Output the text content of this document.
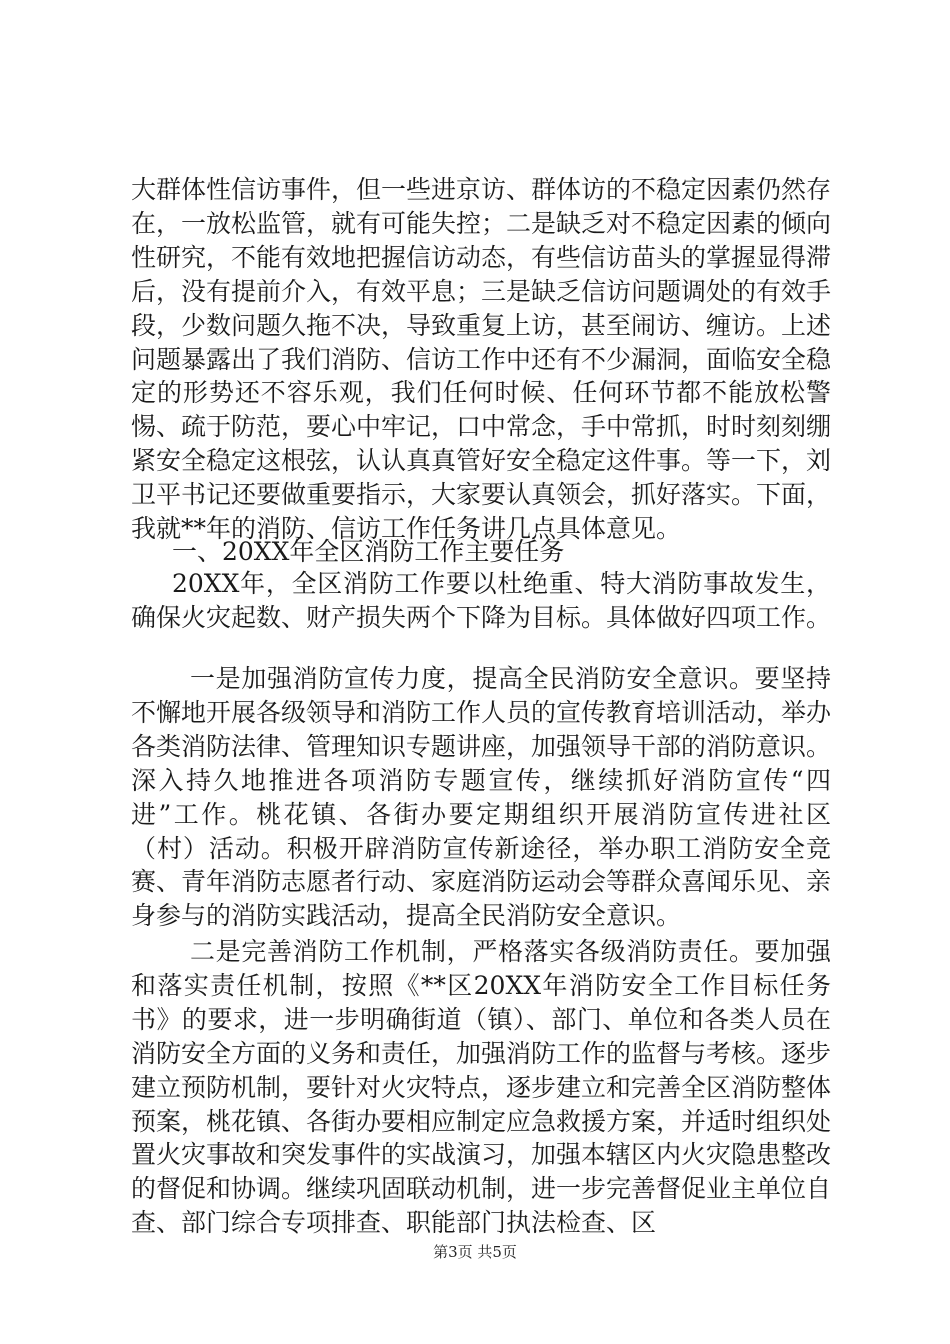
大群体性信访事件，但一些进京访、群体访的不稳定因素仍然存在，一放松监管，就有可能失控；二是缺乏对不稳定因素的倾向性研究，不能有效地把握信访动态，有些信访苗头的掌握显得滞后，没有提前介入，有效平息；三是缺乏信访问题调处的有效手段，少数问题久拖不决，导致重复上访，甚至闹访、缠访。上述问题暴露出了我们消防、信访工作中还有不少漏洞，面临安全稳定的形势还不容乐观，我们任何时候、任何环节都不能放松警惕、疏于防范，要心中牢记，口中常念，手中常抓，时时刻刻绷紧安全稳定这根弦，认认真真管好安全稳定这件事。等一下，刘卫平书记还要做重要指示，大家要认真领会，抓好落实。下面，我就**年的消防、信访工作任务讲几点具体意见。
一、20XX年全区消防工作主要任务
20XX年，全区消防工作要以杜绝重、特大消防事故发生，确保火灾起数、财产损失两个下降为目标。具体做好四项工作。
一是加强消防宣传力度，提高全民消防安全意识。要坚持不懈地开展各级领导和消防工作人员的宣传教育培训活动，举办各类消防法律、管理知识专题讲座，加强领导干部的消防意识。深入持久地推进各项消防专题宣传，继续抓好消防宣传“四进”工作。桃花镇、各街办要定期组织开展消防宣传进社区（村）活动。积极开辟消防宣传新途径，举办职工消防安全竞赛、青年消防志愿者行动、家庭消防运动会等群众喜闻乐见、亲身参与的消防实践活动，提高全民消防安全意识。
二是完善消防工作机制，严格落实各级消防责任。要加强和落实责任机制，按照《**区20XX年消防安全工作目标任务书》的要求，进一步明确街道（镇）、部门、单位和各类人员在消防安全方面的义务和责任，加强消防工作的监督与考核。逐步建立预防机制，要针对火灾特点，逐步建立和完善全区消防整体预案，桃花镇、各街办要相应制定应急救援方案，并适时组织处置火灾事故和突发事件的实战演习，加强本辖区内火灾隐患整改的督促和协调。继续巩固联动机制，进一步完善督促业主单位自查、部门综合专项排查、职能部门执法检查、区
第3页 共5页
